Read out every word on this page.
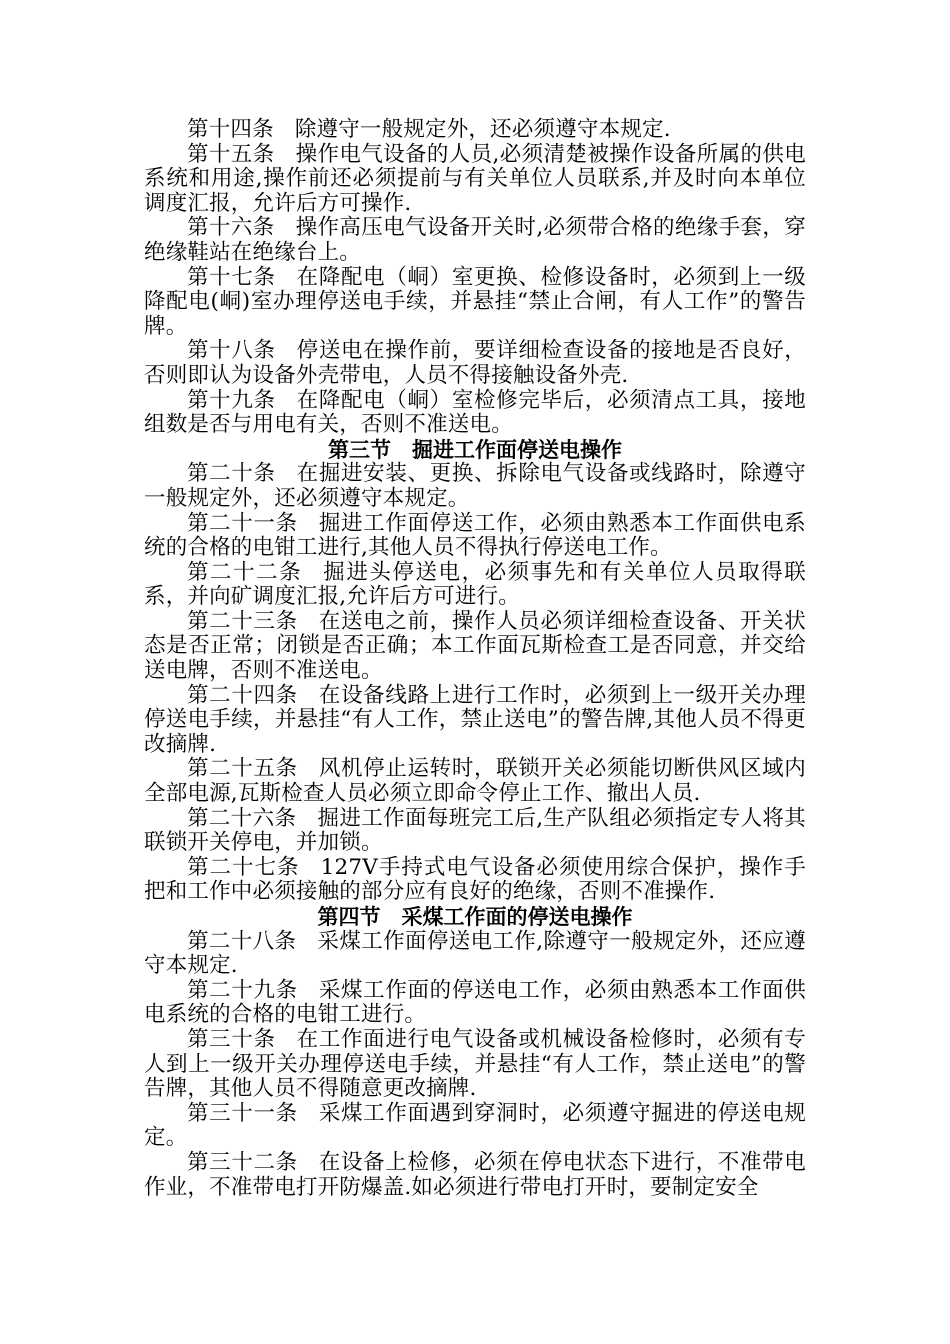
第十四条 除遵守一般规定外，还必须遵守本规定.

第十五条 操作电气设备的人员,必须清楚被操作设备所属的供电系统和用途,操作前还必须提前与有关单位人员联系,并及时向本单位调度汇报，允许后方可操作.

第十六条 操作高压电气设备开关时,必须带合格的绝缘手套，穿绝缘鞋站在绝缘台上。

第十七条 在降配电（峒）室更换、检修设备时，必须到上一级降配电(峒)室办理停送电手续，并悬挂“禁止合闸，有人工作”的警告牌。

第十八条 停送电在操作前，要详细检查设备的接地是否良好，否则即认为设备外壳带电，人员不得接触设备外壳.

第十九条 在降配电（峒）室检修完毕后，必须清点工具，接地组数是否与用电有关，否则不准送电。

第三节　掘进工作面停送电操作

第二十条 在掘进安装、更换、拆除电气设备或线路时，除遵守一般规定外，还必须遵守本规定。

第二十一条 掘进工作面停送工作，必须由熟悉本工作面供电系统的合格的电钳工进行,其他人员不得执行停送电工作。

第二十二条 掘进头停送电，必须事先和有关单位人员取得联系，并向矿调度汇报,允许后方可进行。

第二十三条 在送电之前，操作人员必须详细检查设备、开关状态是否正常；闭锁是否正确；本工作面瓦斯检查工是否同意，并交给送电牌，否则不准送电。

第二十四条 在设备线路上进行工作时，必须到上一级开关办理停送电手续，并悬挂“有人工作，禁止送电”的警告牌,其他人员不得更改摘牌.

第二十五条 风机停止运转时，联锁开关必须能切断供风区域内全部电源,瓦斯检查人员必须立即命令停止工作、撤出人员.

第二十六条 掘进工作面每班完工后,生产队组必须指定专人将其联锁开关停电，并加锁。

第二十七条 127V手持式电气设备必须使用综合保护，操作手把和工作中必须接触的部分应有良好的绝缘，否则不准操作.

第四节　采煤工作面的停送电操作

第二十八条 采煤工作面停送电工作,除遵守一般规定外，还应遵守本规定.

第二十九条 采煤工作面的停送电工作，必须由熟悉本工作面供电系统的合格的电钳工进行。

第三十条 在工作面进行电气设备或机械设备检修时，必须有专人到上一级开关办理停送电手续，并悬挂“有人工作，禁止送电”的警告牌，其他人员不得随意更改摘牌.

第三十一条 采煤工作面遇到穿洞时，必须遵守掘进的停送电规定。

第三十二条 在设备上检修，必须在停电状态下进行，不准带电作业，不准带电打开防爆盖.如必须进行带电打开时，要制定安全
